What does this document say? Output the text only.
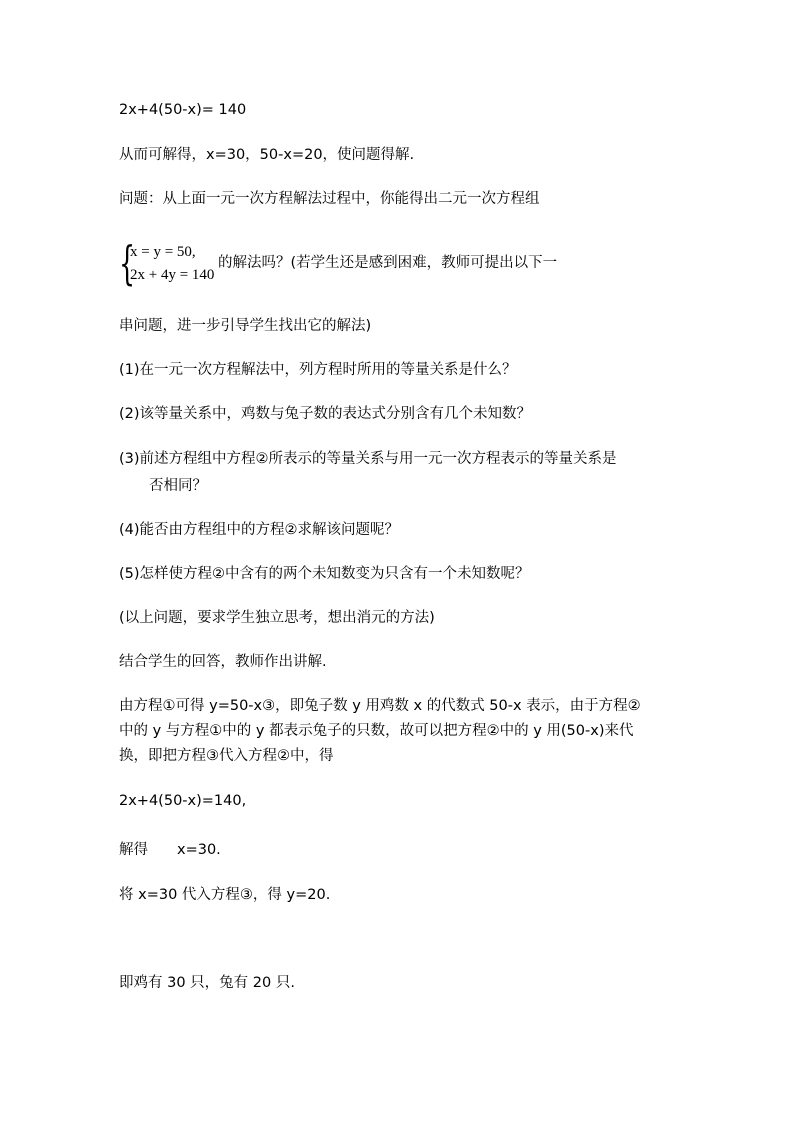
2x+4(50-x)= 140
从而可解得，x=30，50-x=20，使问题得解.
问题：从上面一元一次方程解法过程中，你能得出二元一次方程组
{
x = y = 50,
2x + 4y = 140
的解法吗？(若学生还是感到困难，教师可提出以下一
串问题，进一步引导学生找出它的解法)
(1)在一元一次方程解法中，列方程时所用的等量关系是什么？
(2)该等量关系中，鸡数与兔子数的表达式分别含有几个未知数？
(3)前述方程组中方程②所表示的等量关系与用一元一次方程表示的等量关系是
否相同？
(4)能否由方程组中的方程②求解该问题呢？
(5)怎样使方程②中含有的两个未知数变为只含有一个未知数呢？
(以上问题，要求学生独立思考，想出消元的方法)
结合学生的回答，教师作出讲解.
由方程①可得 y=50-x③，即兔子数 y 用鸡数 x 的代数式 50-x 表示，由于方程②
中的 y 与方程①中的 y 都表示兔子的只数，故可以把方程②中的 y 用(50-x)来代
换，即把方程③代入方程②中，得
2x+4(50-x)=140,
解得　　x=30.
将 x=30 代入方程③，得 y=20.
即鸡有 30 只，兔有 20 只.
